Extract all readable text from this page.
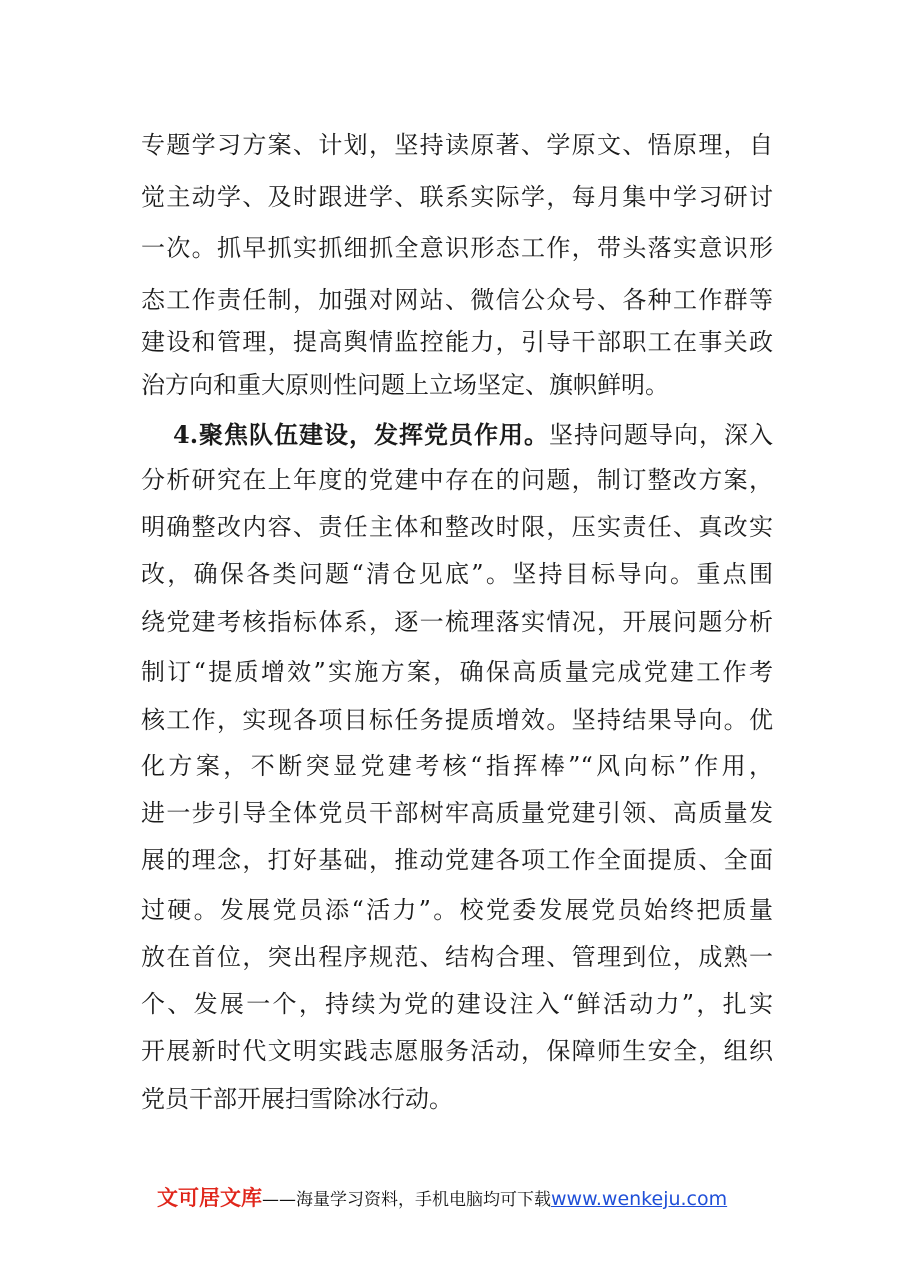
专题学习方案、计划，坚持读原著、学原文、悟原理，自
觉主动学、及时跟进学、联系实际学，每月集中学习研讨
一次。抓早抓实抓细抓全意识形态工作，带头落实意识形
态工作责任制，加强对网站、微信公众号、各种工作群等
建设和管理，提高舆情监控能力，引导干部职工在事关政
治方向和重大原则性问题上立场坚定、旗帜鲜明。
4.聚焦队伍建设，发挥党员作用。坚持问题导向，深入
分析研究在上年度的党建中存在的问题，制订整改方案，
明确整改内容、责任主体和整改时限，压实责任、真改实
改，确保各类问题“清仓见底”。坚持目标导向。重点围
绕党建考核指标体系，逐一梳理落实情况，开展问题分析
制订“提质增效”实施方案，确保高质量完成党建工作考
核工作，实现各项目标任务提质增效。坚持结果导向。优
化方案，不断突显党建考核“指挥棒”“风向标”作用，
进一步引导全体党员干部树牢高质量党建引领、高质量发
展的理念，打好基础，推动党建各项工作全面提质、全面
过硬。发展党员添“活力”。校党委发展党员始终把质量
放在首位，突出程序规范、结构合理、管理到位，成熟一
个、发展一个，持续为党的建设注入“鲜活动力”，扎实
开展新时代文明实践志愿服务活动，保障师生安全，组织
党员干部开展扫雪除冰行动。
文可居文库——海量学习资料，手机电脑均可下载www.wenkeju.com
